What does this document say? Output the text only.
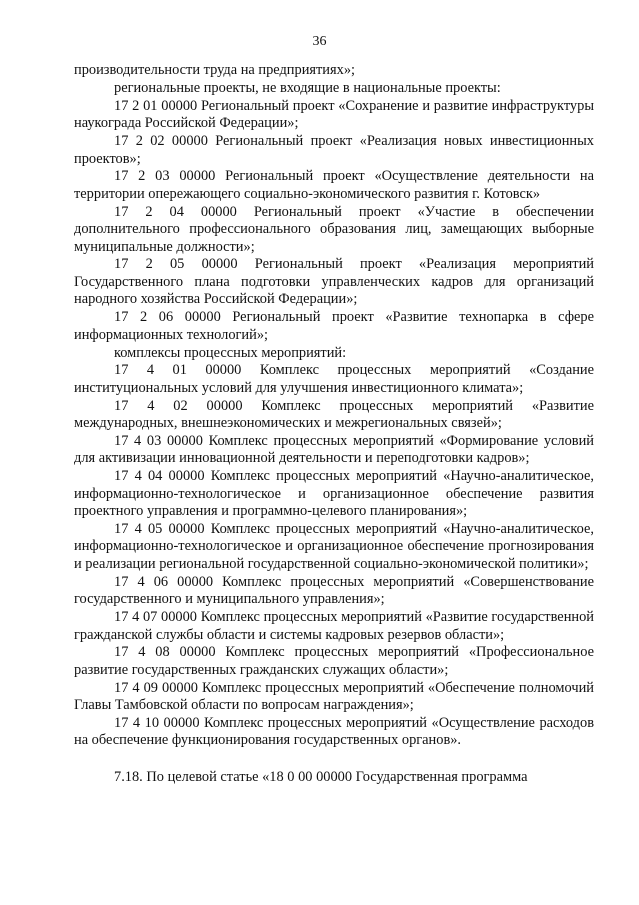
36

производительности труда на предприятиях»;

региональные проекты, не входящие в национальные проекты:

17 2 01 00000 Региональный проект «Сохранение и развитие инфраструктуры наукограда Российской Федерации»;

17 2 02 00000 Региональный проект «Реализация новых инвестиционных проектов»;

17 2 03 00000 Региональный проект «Осуществление деятельности на территории опережающего социально-экономического развития г. Котовск»

17 2 04 00000 Региональный проект «Участие в обеспечении дополнительного профессионального образования лиц, замещающих выборные муниципальные должности»;

17 2 05 00000 Региональный проект «Реализация мероприятий Государственного плана подготовки управленческих кадров для организаций народного хозяйства Российской Федерации»;

17 2 06 00000 Региональный проект «Развитие технопарка в сфере информационных технологий»;

комплексы процессных мероприятий:

17 4 01 00000 Комплекс процессных мероприятий «Создание институциональных условий для улучшения инвестиционного климата»;

17 4 02 00000 Комплекс процессных мероприятий «Развитие международных, внешнеэкономических и межрегиональных связей»;

17 4 03 00000 Комплекс процессных мероприятий «Формирование условий для активизации инновационной деятельности и переподготовки кадров»;

17 4 04 00000 Комплекс процессных мероприятий «Научно-аналитическое, информационно-технологическое и организационное обеспечение развития проектного управления и программно-целевого планирования»;

17 4 05 00000 Комплекс процессных мероприятий «Научно-аналитическое, информационно-технологическое и организационное обеспечение прогнозирования и реализации региональной государственной социально-экономической политики»;

17 4 06 00000 Комплекс процессных мероприятий «Совершенствование государственного и муниципального управления»;

17 4 07 00000 Комплекс процессных мероприятий «Развитие государственной гражданской службы области и системы кадровых резервов области»;

17 4 08 00000 Комплекс процессных мероприятий «Профессиональное развитие государственных гражданских служащих области»;

17 4 09 00000 Комплекс процессных мероприятий «Обеспечение полномочий Главы Тамбовской области по вопросам награждения»;

17 4 10 00000 Комплекс процессных мероприятий «Осуществление расходов на обеспечение функционирования государственных органов».

7.18. По целевой статье «18 0 00 00000 Государственная программа
